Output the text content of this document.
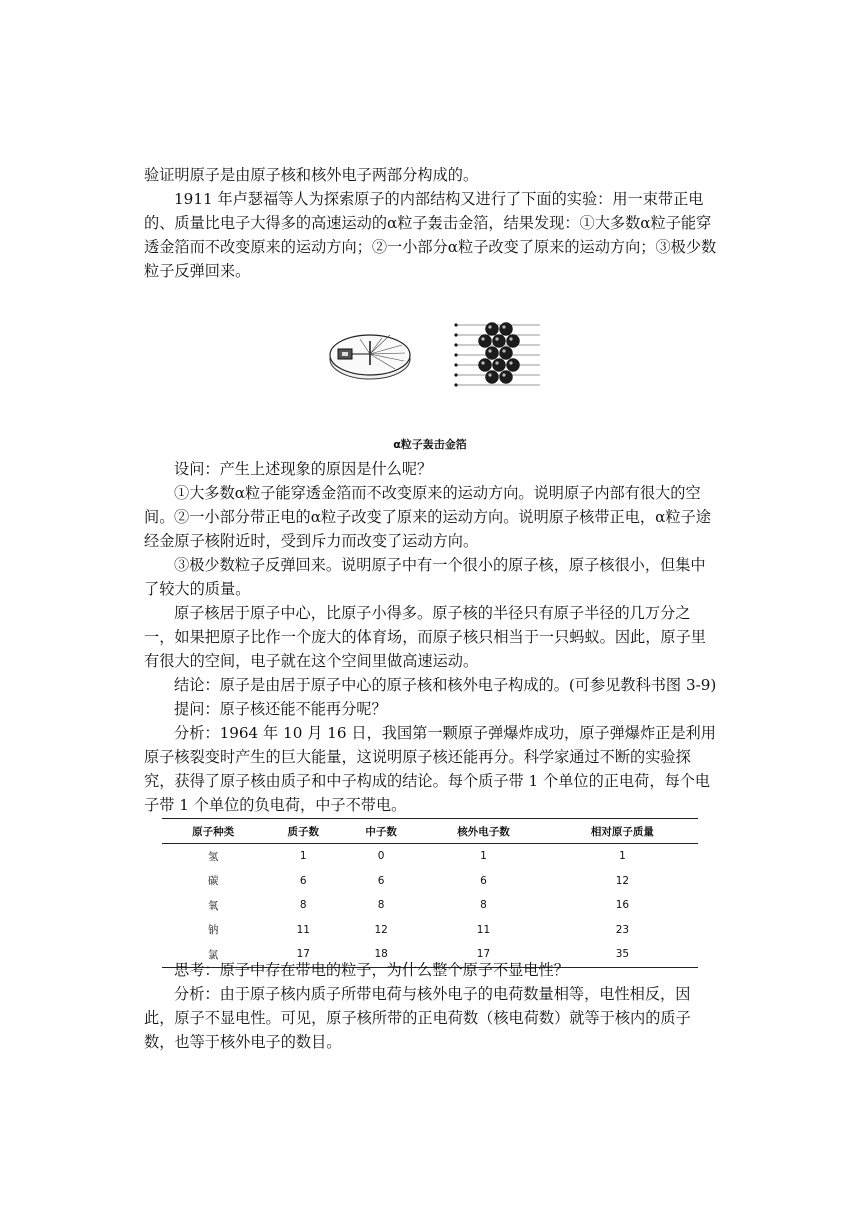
验证明原子是由原子核和核外电子两部分构成的。

1911 年卢瑟福等人为探索原子的内部结构又进行了下面的实验：用一束带正电的、质量比电子大得多的高速运动的α粒子轰击金箔，结果发现：①大多数α粒子能穿透金箔而不改变原来的运动方向；②一小部分α粒子改变了原来的运动方向；③极少数粒子反弹回来。

α粒子轰击金箔

设问：产生上述现象的原因是什么呢？

①大多数α粒子能穿透金箔而不改变原来的运动方向。说明原子内部有很大的空间。 ②一小部分带正电的α粒子改变了原来的运动方向。说明原子核带正电，α粒子途经金原子核附近时，受到斥力而改变了运动方向。

③极少数粒子反弹回来。说明原子中有一个很小的原子核，原子核很小，但集中了较大的质量。

原子核居于原子中心，比原子小得多。原子核的半径只有原子半径的几万分之一，如果把原子比作一个庞大的体育场，而原子核只相当于一只蚂蚁。因此，原子里有很大的空间，电子就在这个空间里做高速运动。

结论：原子是由居于原子中心的原子核和核外电子构成的。(可参见教科书图 3-9)

提问：原子核还能不能再分呢？

分析：1964 年 10 月 16 日，我国第一颗原子弹爆炸成功，原子弹爆炸正是利用原子核裂变时产生的巨大能量，这说明原子核还能再分。科学家通过不断的实验探究，获得了原子核由质子和中子构成的结论。每个质子带 1 个单位的正电荷，每个电子带 1 个单位的负电荷，中子不带电。

原子种类	质子数	中子数	核外电子数	相对原子质量
氢	1	0	1	1
碳	6	6	6	12
氧	8	8	8	16
钠	11	12	11	23
氯	17	18	17	35

思考：原子中存在带电的粒子，为什么整个原子不显电性？

分析：由于原子核内质子所带电荷与核外电子的电荷数量相等，电性相反，因此，原子不显电性。可见，原子核所带的正电荷数（核电荷数）就等于核内的质子数，也等于核外电子的数目。
